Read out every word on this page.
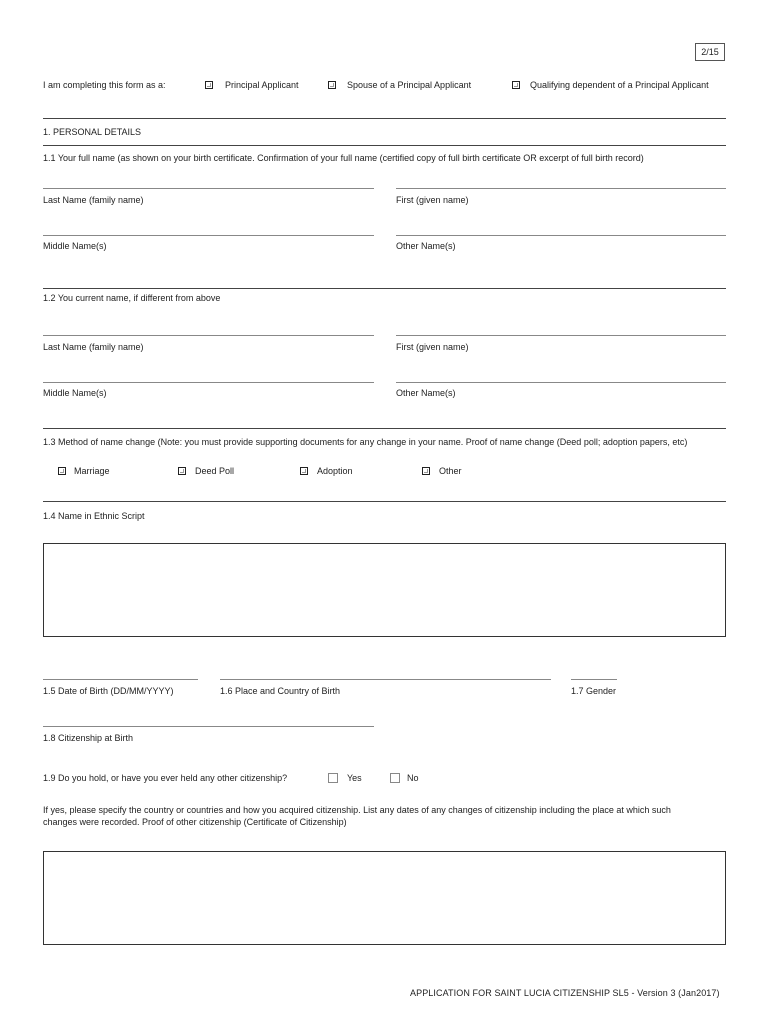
2/15
I am completing this form as a:	Principal Applicant	Spouse of a Principal Applicant	Qualifying dependent of a Principal Applicant
1. PERSONAL DETAILS
1.1 Your full name (as shown on your birth certificate. Confirmation of your full name (certified copy of full birth certificate OR excerpt of full birth record)
Last Name (family name)	First (given name)
Middle Name(s)	Other Name(s)
1.2 You current name, if different from above
Last Name (family name)	First (given name)
Middle Name(s)	Other Name(s)
1.3 Method of name change (Note: you must provide supporting documents for any change in your name. Proof of name change (Deed poll; adoption papers, etc)
Marriage	Deed Poll	Adoption	Other
1.4 Name in Ethnic Script
1.5 Date of Birth (DD/MM/YYYY)	1.6 Place and Country of Birth	1.7 Gender
1.8 Citizenship at Birth
1.9 Do you hold, or have you ever held any other citizenship?	Yes	No
If yes, please specify the country or countries and how you acquired citizenship. List any dates of any changes of citizenship including the place at which such
changes were recorded. Proof of other citizenship (Certificate of Citizenship)
APPLICATION FOR SAINT LUCIA CITIZENSHIP SL5 - Version 3 (Jan2017)
